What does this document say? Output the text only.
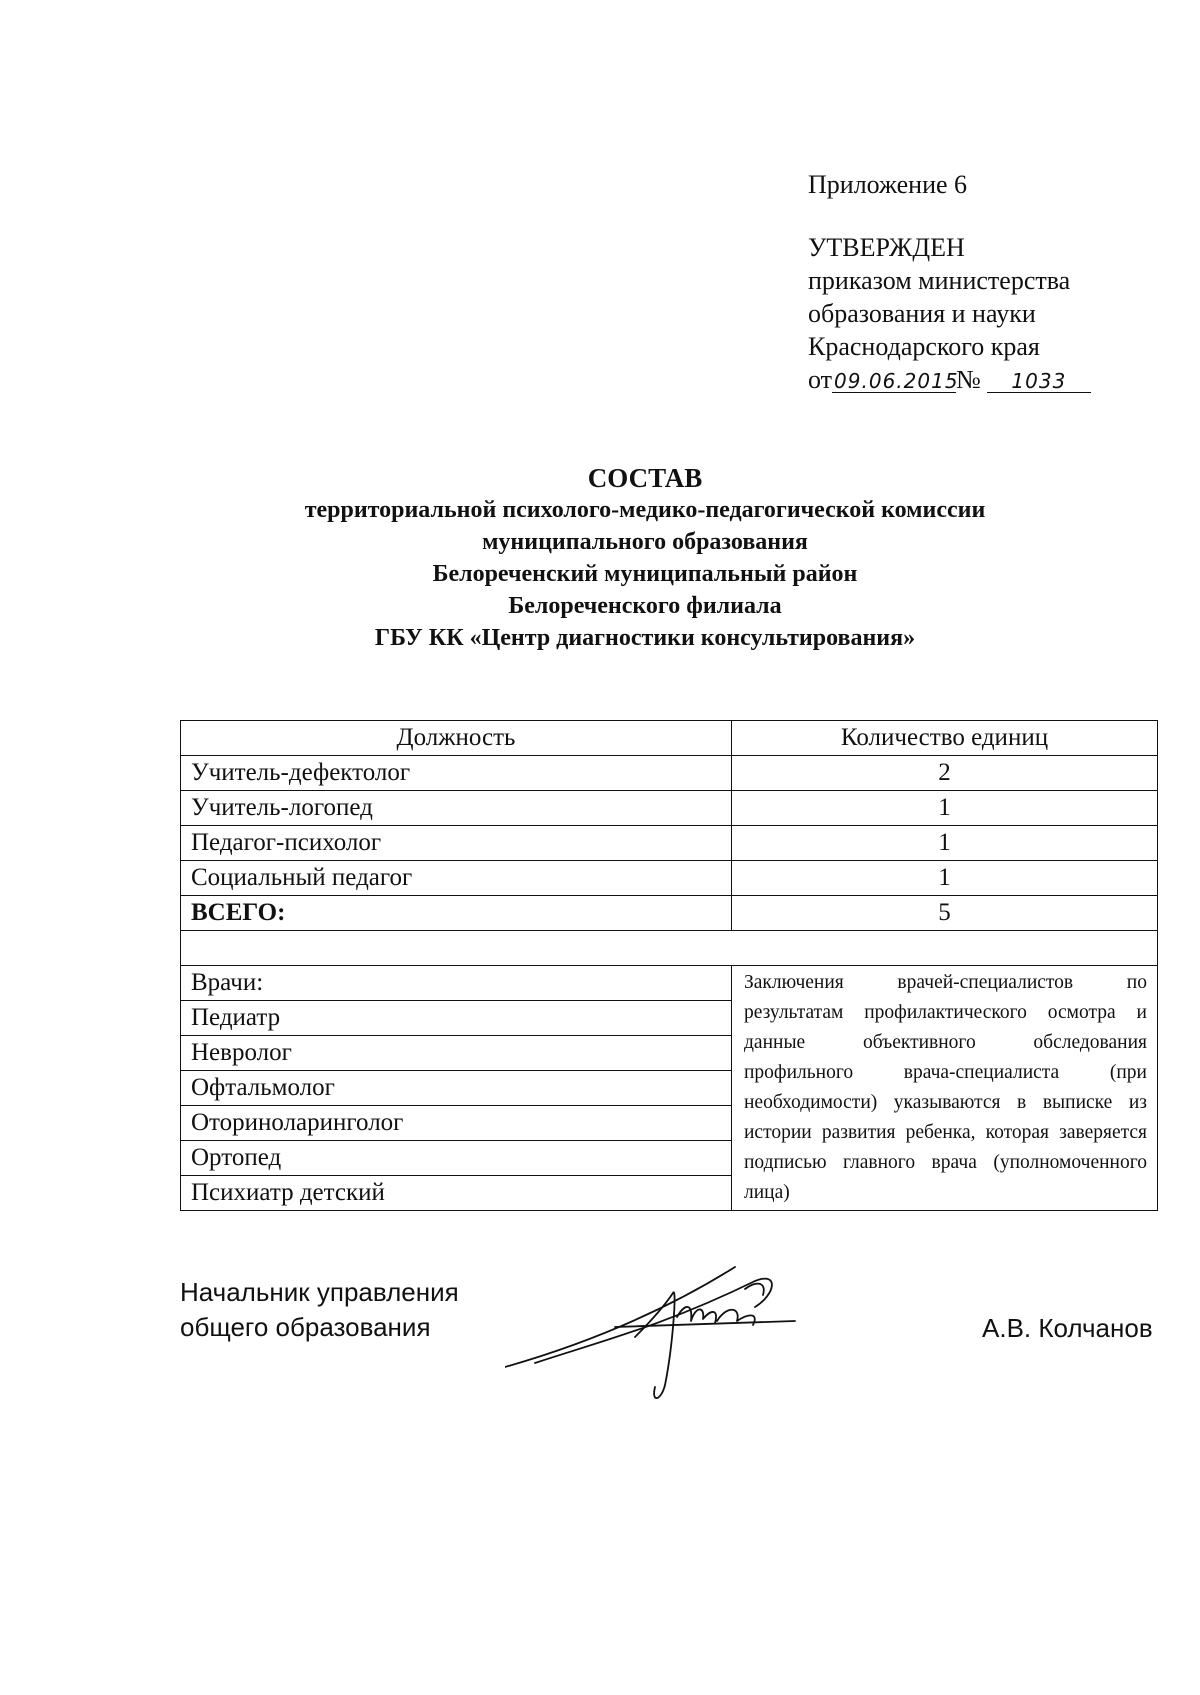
Приложение 6
УТВЕРЖДЕН
приказом министерства
образования и науки
Краснодарского края
от 09.06.2015№ 1033
СОСТАВ
территориальной психолого-медико-педагогической комиссии
муниципального образования
Белореченский муниципальный район
Белореченского филиала
ГБУ КК «Центр диагностики консультирования»
Должность	Количество единиц
Учитель-дефектолог	2
Учитель-логопед	1
Педагог-психолог	1
Социальный педагог	1
ВСЕГО:	5

Врачи:	Заключения врачей-специалистов по результатам профилактического осмотра и данные объективного обследования профильного врача-специалиста (при необходимости) указываются в выписке из истории развития ребенка, которая заверяется подписью главного врача (уполномоченного лица)
Педиатр	
Невролог	
Офтальмолог	
Оториноларинголог	
Ортопед	
Психиатр детский	
Начальник управления
общего образования	А.В. Колчанов
